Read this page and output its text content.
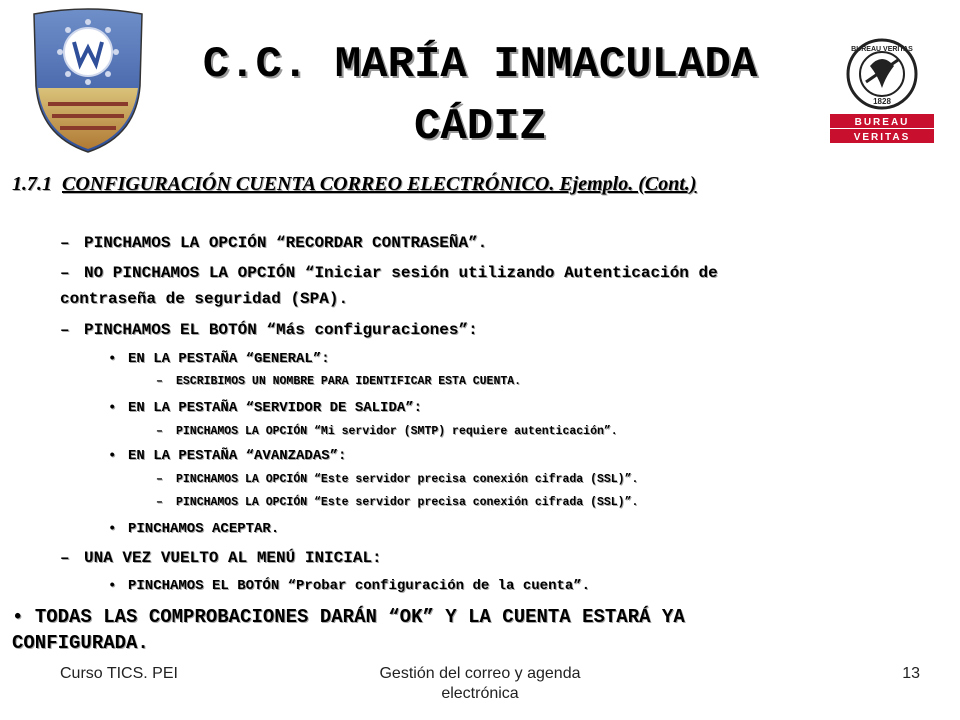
C.C. MARÍA INMACULADA
CÁDIZ
BUREAU VERITAS
1828
BUREAU
VERITAS
1.7.1 CONFIGURACIÓN CUENTA CORREO ELECTRÓNICO. Ejemplo. (Cont.)
– PINCHAMOS LA OPCIÓN “RECORDAR CONTRASEÑA”.
– NO PINCHAMOS LA OPCIÓN “Iniciar sesión utilizando Autenticación de
contraseña de seguridad (SPA).
– PINCHAMOS EL BOTÓN “Más configuraciones”:
• EN LA PESTAÑA “GENERAL”:
– ESCRIBIMOS UN NOMBRE PARA IDENTIFICAR ESTA CUENTA.
• EN LA PESTAÑA “SERVIDOR DE SALIDA”:
– PINCHAMOS LA OPCIÓN “Mi servidor (SMTP) requiere autenticación”.
• EN LA PESTAÑA “AVANZADAS”:
– PINCHAMOS LA OPCIÓN “Este servidor precisa conexión cifrada (SSL)”.
– PINCHAMOS LA OPCIÓN “Este servidor precisa conexión cifrada (SSL)”.
• PINCHAMOS ACEPTAR.
– UNA VEZ VUELTO AL MENÚ INICIAL:
• PINCHAMOS EL BOTÓN “Probar configuración de la cuenta”.
• TODAS LAS COMPROBACIONES DARÁN “OK” Y LA CUENTA ESTARÁ YA
CONFIGURADA.
Curso TICS. PEI	Gestión del correo y agenda
electrónica
13
